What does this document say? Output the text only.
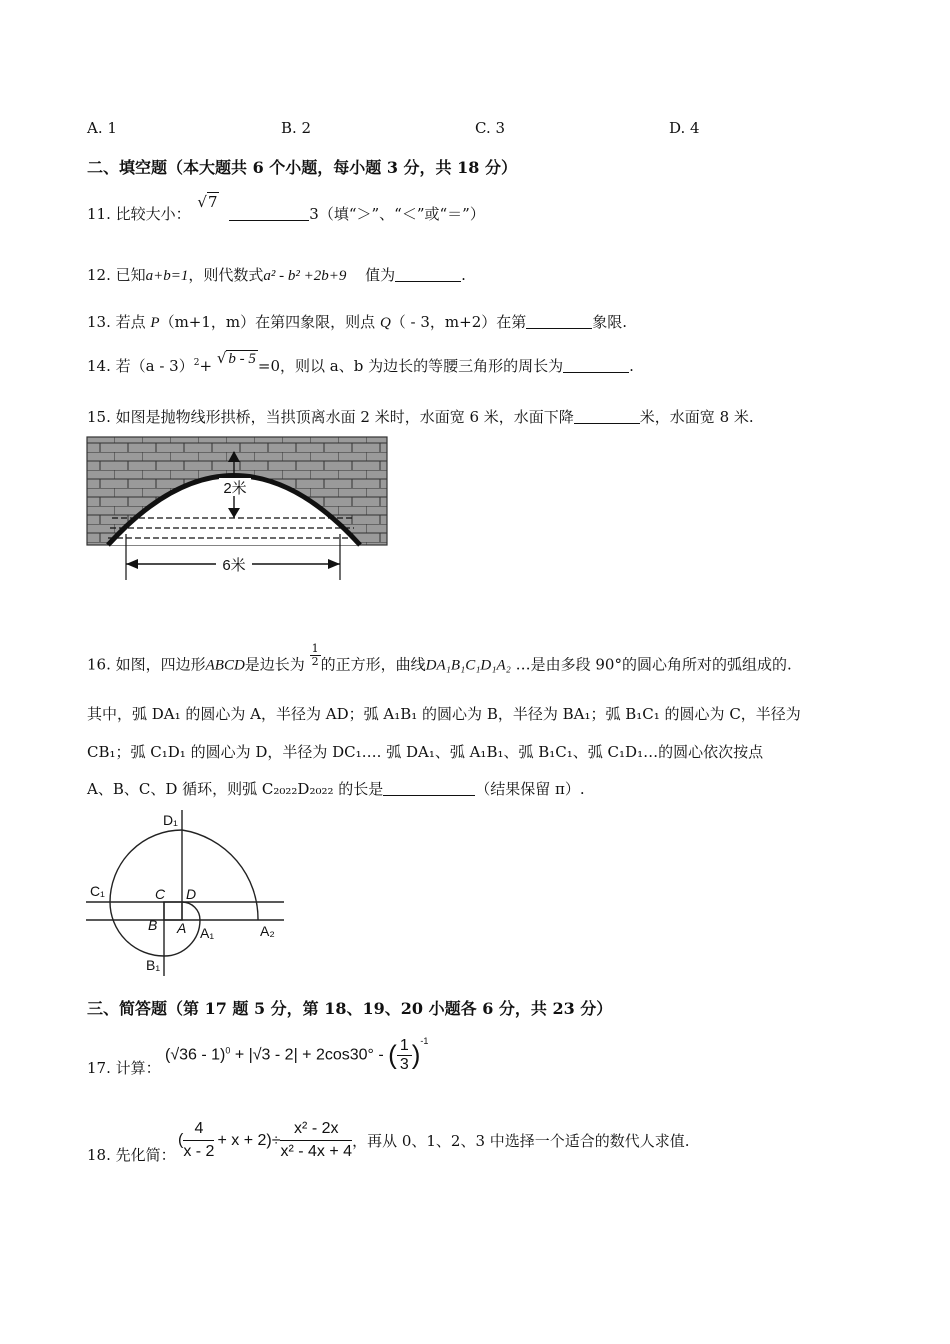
A. 1	B. 2	C. 3	D. 4
二、填空题（本大题共 6 个小题，每小题 3 分，共 18 分）
11. 比较大小： √7 3（填“＞”、“＜”或“＝”）
12. 已知a+b=1，则代数式a² - b² +2b+9 值为	.
13. 若点 P（m+1，m）在第四象限，则点 Q（ - 3，m+2）在第	象限.
14. 若（a - 3）$^2$+ √ b - 5 =0，则以 a、b 为边长的等腰三角形的周长为	.
15. 如图是抛物线形拱桥，当拱顶离水面 2 米时，水面宽 6 米，水面下降	米，水面宽 8 米.
2米
6米
16. 如图，四边形ABCD是边长为 $\frac{1}{2}$ 的正方形，曲线DA₁B₁C₁D₁A₂ …是由多段 90°的圆心角所对的弧组成的.
其中，弧 DA₁ 的圆心为 A，半径为 AD；弧 A₁B₁ 的圆心为 B，半径为 BA₁；弧 B₁C₁ 的圆心为 C，半径为
CB₁；弧 C₁D₁ 的圆心为 D，半径为 DC₁…. 弧 DA₁、弧 A₁B₁、弧 B₁C₁、弧 C₁D₁…的圆心依次按点
A、B、C、D 循环，则弧 C₂₀₂₂D₂₀₂₂ 的长是	（结果保留 π）.
D₁
C₁	C D
B A A₁	A₂
B₁
三、简答题（第 17 题 5 分，第 18、19、20 小题各 6 分，共 23 分）
17. 计算：
(√36 - 1)$^0$ + |√3 - 2| + 2cos30° - ( $\frac{1}{3} )^{-1}$
18. 先化简：
( $\frac{4}{x - 2} + x + 2)\div \frac{\text{x² - 2x}}{\text{x² - 4x + 4}}$ ，再从 0、1、2、3 中选择一个适合的数代人求值.
